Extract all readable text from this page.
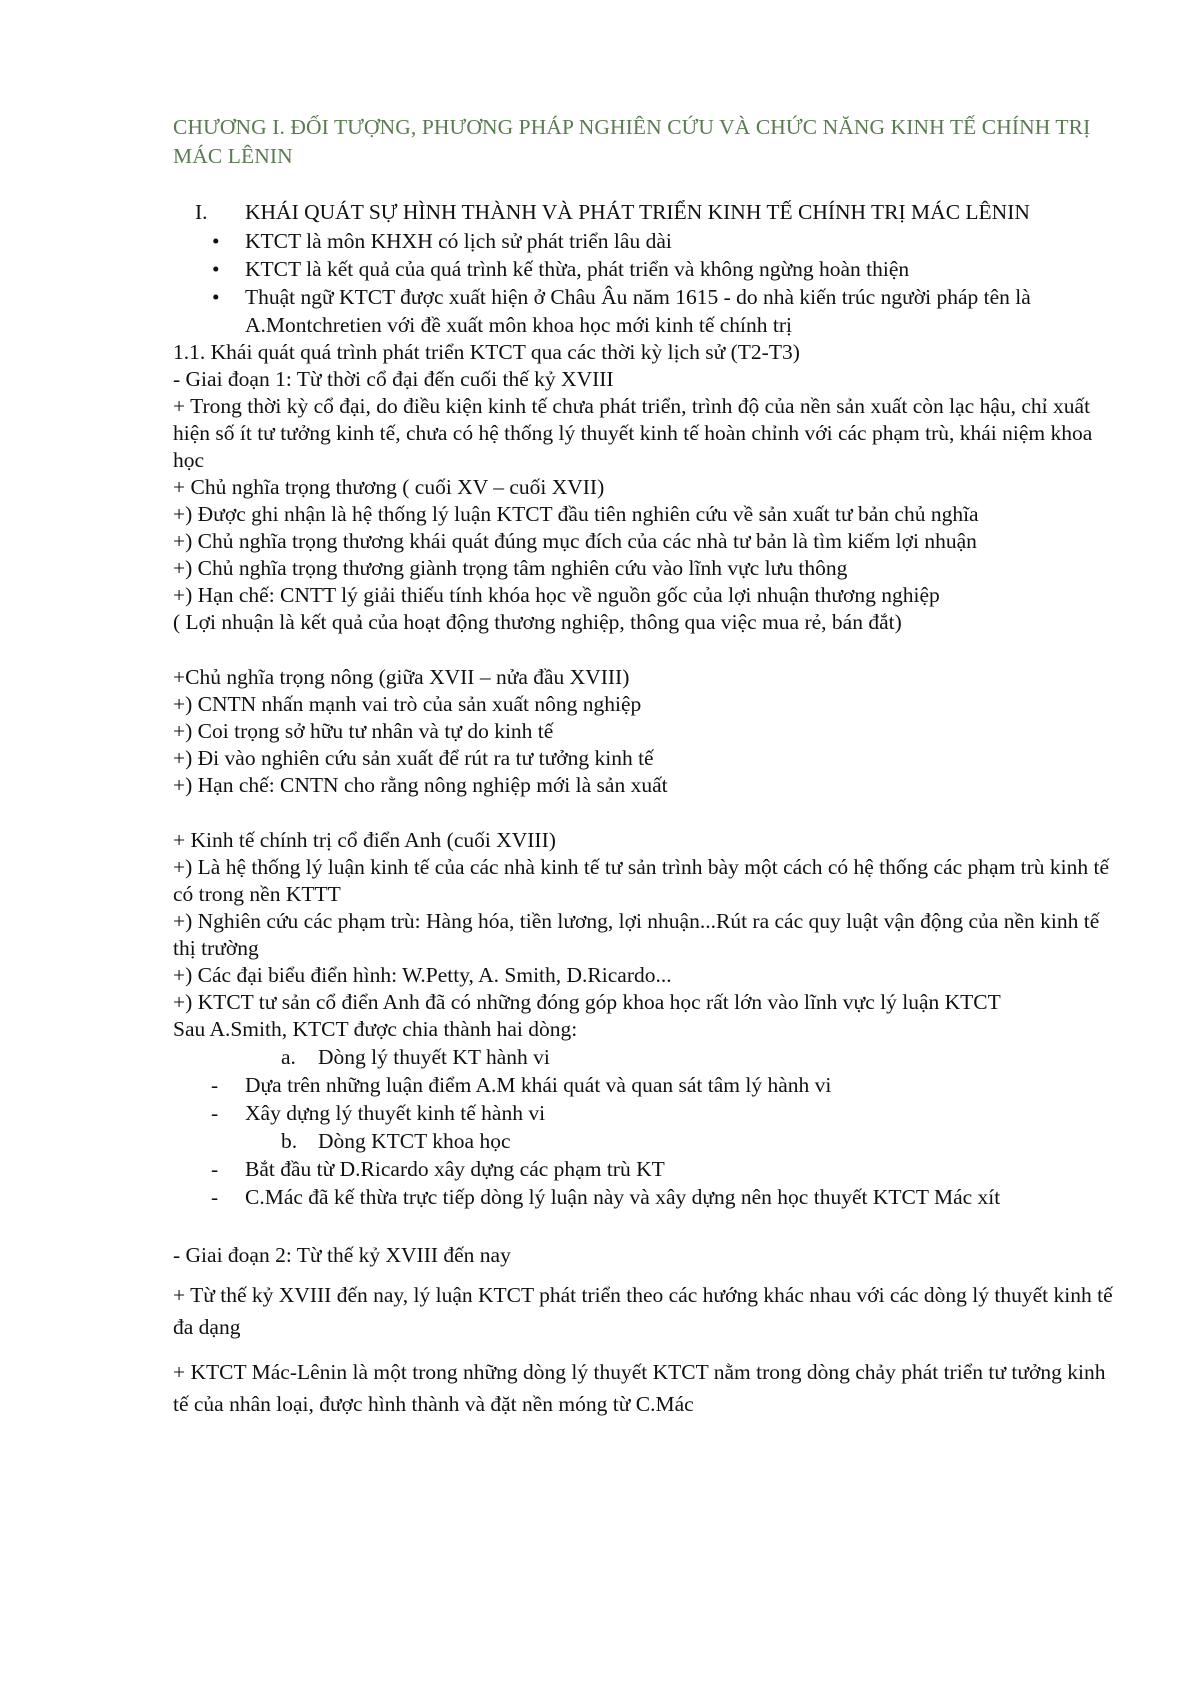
CHƯƠNG I. ĐỐI TƯỢNG, PHƯƠNG PHÁP NGHIÊN CỨU VÀ CHỨC NĂNG KINH TẾ CHÍNH TRỊ MÁC LÊNIN
I. KHÁI QUÁT SỰ HÌNH THÀNH VÀ PHÁT TRIỂN KINH TẾ CHÍNH TRỊ MÁC LÊNIN
• KTCT là môn KHXH có lịch sử phát triển lâu dài
• KTCT là kết quả của quá trình kế thừa, phát triển và không ngừng hoàn thiện
• Thuật ngữ KTCT được xuất hiện ở Châu Âu năm 1615 - do nhà kiến trúc người pháp tên là A.Montchretien với đề xuất môn khoa học mới kinh tế chính trị
1.1. Khái quát quá trình phát triển KTCT qua các thời kỳ lịch sử (T2-T3)
- Giai đoạn 1: Từ thời cổ đại đến cuối thế kỷ XVIII
+ Trong thời kỳ cổ đại, do điều kiện kinh tế chưa phát triển, trình độ của nền sản xuất còn lạc hậu, chỉ xuất hiện số ít tư tưởng kinh tế, chưa có hệ thống lý thuyết kinh tế hoàn chỉnh với các phạm trù, khái niệm khoa học
+ Chủ nghĩa trọng thương ( cuối XV – cuối XVII)
+) Được ghi nhận là hệ thống lý luận KTCT đầu tiên nghiên cứu về sản xuất tư bản chủ nghĩa
+) Chủ nghĩa trọng thương khái quát đúng mục đích của các nhà tư bản là tìm kiếm lợi nhuận
+) Chủ nghĩa trọng thương giành trọng tâm nghiên cứu vào lĩnh vực lưu thông
+) Hạn chế: CNTT lý giải thiếu tính khóa học về nguồn gốc của lợi nhuận thương nghiệp
( Lợi nhuận là kết quả của hoạt động thương nghiệp, thông qua việc mua rẻ, bán đắt)
+Chủ nghĩa trọng nông (giữa XVII – nửa đầu XVIII)
+) CNTN nhấn mạnh vai trò của sản xuất nông nghiệp
+) Coi trọng sở hữu tư nhân và tự do kinh tế
+) Đi vào nghiên cứu sản xuất để rút ra tư tưởng kinh tế
+) Hạn chế: CNTN cho rằng nông nghiệp mới là sản xuất
+ Kinh tế chính trị cổ điển Anh (cuối XVIII)
+) Là hệ thống lý luận kinh tế của các nhà kinh tế tư sản trình bày một cách có hệ thống các phạm trù kinh tế có trong nền KTTT
+) Nghiên cứu các phạm trù: Hàng hóa, tiền lương, lợi nhuận...Rút ra các quy luật vận động của nền kinh tế thị trường
+) Các đại biểu điển hình: W.Petty, A. Smith, D.Ricardo...
+) KTCT tư sản cổ điển Anh đã có những đóng góp khoa học rất lớn vào lĩnh vực lý luận KTCT
Sau A.Smith, KTCT được chia thành hai dòng:
a. Dòng lý thuyết KT hành vi
- Dựa trên những luận điểm A.M khái quát và quan sát tâm lý hành vi
- Xây dựng lý thuyết kinh tế hành vi
b. Dòng KTCT khoa học
- Bắt đầu từ D.Ricardo xây dựng các phạm trù KT
- C.Mác đã kế thừa trực tiếp dòng lý luận này và xây dựng nên học thuyết KTCT Mác xít
- Giai đoạn 2: Từ thế kỷ XVIII đến nay
+ Từ thế kỷ XVIII đến nay, lý luận KTCT phát triển theo các hướng khác nhau với các dòng lý thuyết kinh tế đa dạng
+ KTCT Mác-Lênin là một trong những dòng lý thuyết KTCT nằm trong dòng chảy phát triển tư tưởng kinh tế của nhân loại, được hình thành và đặt nền móng từ C.Mác
